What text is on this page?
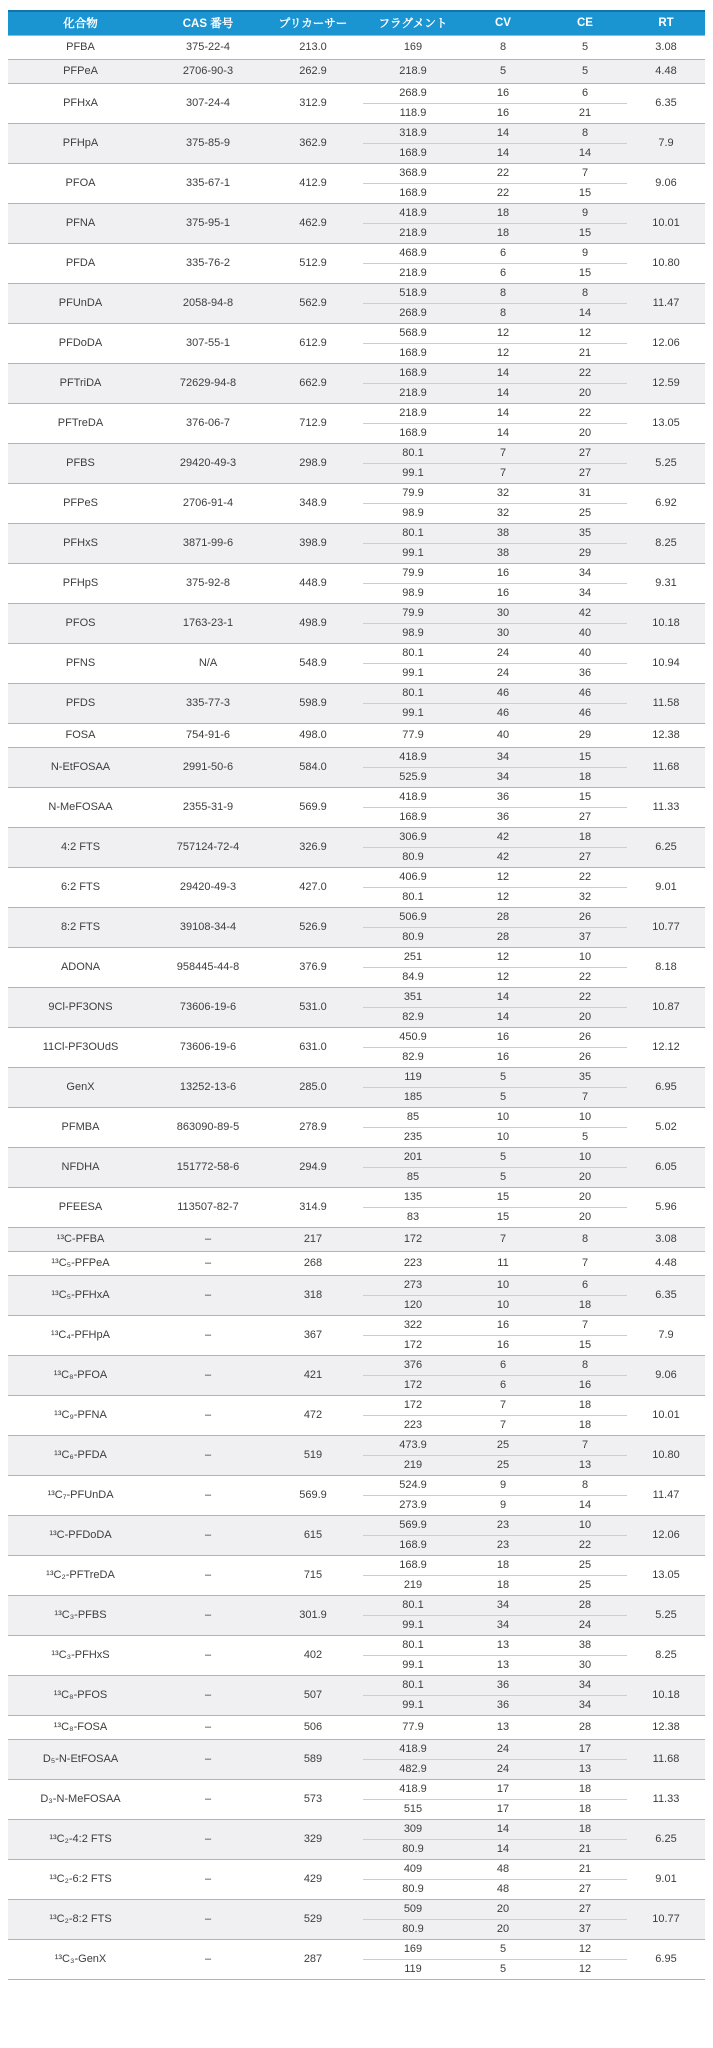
化合物	CAS 番号	プリカーサー	フラグメント	CV	CE	RT
PFBA	375-22-4	213.0	169	8	5	3.08
PFPeA	2706-90-3	262.9	218.9	5	5	4.48
PFHxA	307-24-4	312.9	268.9	16	6	6.35
			118.9	16	21	
PFHpA	375-85-9	362.9	318.9	14	8	7.9
			168.9	14	14	
PFOA	335-67-1	412.9	368.9	22	7	9.06
			168.9	22	15	
PFNA	375-95-1	462.9	418.9	18	9	10.01
			218.9	18	15	
PFDA	335-76-2	512.9	468.9	6	9	10.80
			218.9	6	15	
PFUnDA	2058-94-8	562.9	518.9	8	8	11.47
			268.9	8	14	
PFDoDA	307-55-1	612.9	568.9	12	12	12.06
			168.9	12	21	
PFTriDA	72629-94-8	662.9	168.9	14	22	12.59
			218.9	14	20	
PFTreDA	376-06-7	712.9	218.9	14	22	13.05
			168.9	14	20	
PFBS	29420-49-3	298.9	80.1	7	27	5.25
			99.1	7	27	
PFPeS	2706-91-4	348.9	79.9	32	31	6.92
			98.9	32	25	
PFHxS	3871-99-6	398.9	80.1	38	35	8.25
			99.1	38	29	
PFHpS	375-92-8	448.9	79.9	16	34	9.31
			98.9	16	34	
PFOS	1763-23-1	498.9	79.9	30	42	10.18
			98.9	30	40	
PFNS	N/A	548.9	80.1	24	40	10.94
			99.1	24	36	
PFDS	335-77-3	598.9	80.1	46	46	11.58
			99.1	46	46	
FOSA	754-91-6	498.0	77.9	40	29	12.38
N-EtFOSAA	2991-50-6	584.0	418.9	34	15	11.68
			525.9	34	18	
N-MeFOSAA	2355-31-9	569.9	418.9	36	15	11.33
			168.9	36	27	
4:2 FTS	757124-72-4	326.9	306.9	42	18	6.25
			80.9	42	27	
6:2 FTS	29420-49-3	427.0	406.9	12	22	9.01
			80.1	12	32	
8:2 FTS	39108-34-4	526.9	506.9	28	26	10.77
			80.9	28	37	
ADONA	958445-44-8	376.9	251	12	10	8.18
			84.9	12	22	
9Cl-PF3ONS	73606-19-6	531.0	351	14	22	10.87
			82.9	14	20	
11Cl-PF3OUdS	73606-19-6	631.0	450.9	16	26	12.12
			82.9	16	26	
GenX	13252-13-6	285.0	119	5	35	6.95
			185	5	7	
PFMBA	863090-89-5	278.9	85	10	10	5.02
			235	10	5	
NFDHA	151772-58-6	294.9	201	5	10	6.05
			85	5	20	
PFEESA	113507-82-7	314.9	135	15	20	5.96
			83	15	20	
¹³C-PFBA	–	217	172	7	8	3.08
¹³C₅-PFPeA	–	268	223	11	7	4.48
¹³C₅-PFHxA	–	318	273	10	6	6.35
			120	10	18	
¹³C₄-PFHpA	–	367	322	16	7	7.9
			172	16	15	
¹³C₈-PFOA	–	421	376	6	8	9.06
			172	6	16	
¹³C₉-PFNA	–	472	172	7	18	10.01
			223	7	18	
¹³C₆-PFDA	–	519	473.9	25	7	10.80
			219	25	13	
¹³C₇-PFUnDA	–	569.9	524.9	9	8	11.47
			273.9	9	14	
¹³C-PFDoDA	–	615	569.9	23	10	12.06
			168.9	23	22	
¹³C₂-PFTreDA	–	715	168.9	18	25	13.05
			219	18	25	
¹³C₃-PFBS	–	301.9	80.1	34	28	5.25
			99.1	34	24	
¹³C₃-PFHxS	–	402	80.1	13	38	8.25
			99.1	13	30	
¹³C₈-PFOS	–	507	80.1	36	34	10.18
			99.1	36	34	
¹³C₈-FOSA	–	506	77.9	13	28	12.38
D₅-N-EtFOSAA	–	589	418.9	24	17	11.68
			482.9	24	13	
D₃-N-MeFOSAA	–	573	418.9	17	18	11.33
			515	17	18	
¹³C₂-4:2 FTS	–	329	309	14	18	6.25
			80.9	14	21	
¹³C₂-6:2 FTS	–	429	409	48	21	9.01
			80.9	48	27	
¹³C₂-8:2 FTS	–	529	509	20	27	10.77
			80.9	20	37	
¹³C₃-GenX	–	287	169	5	12	6.95
			119	5	12	
